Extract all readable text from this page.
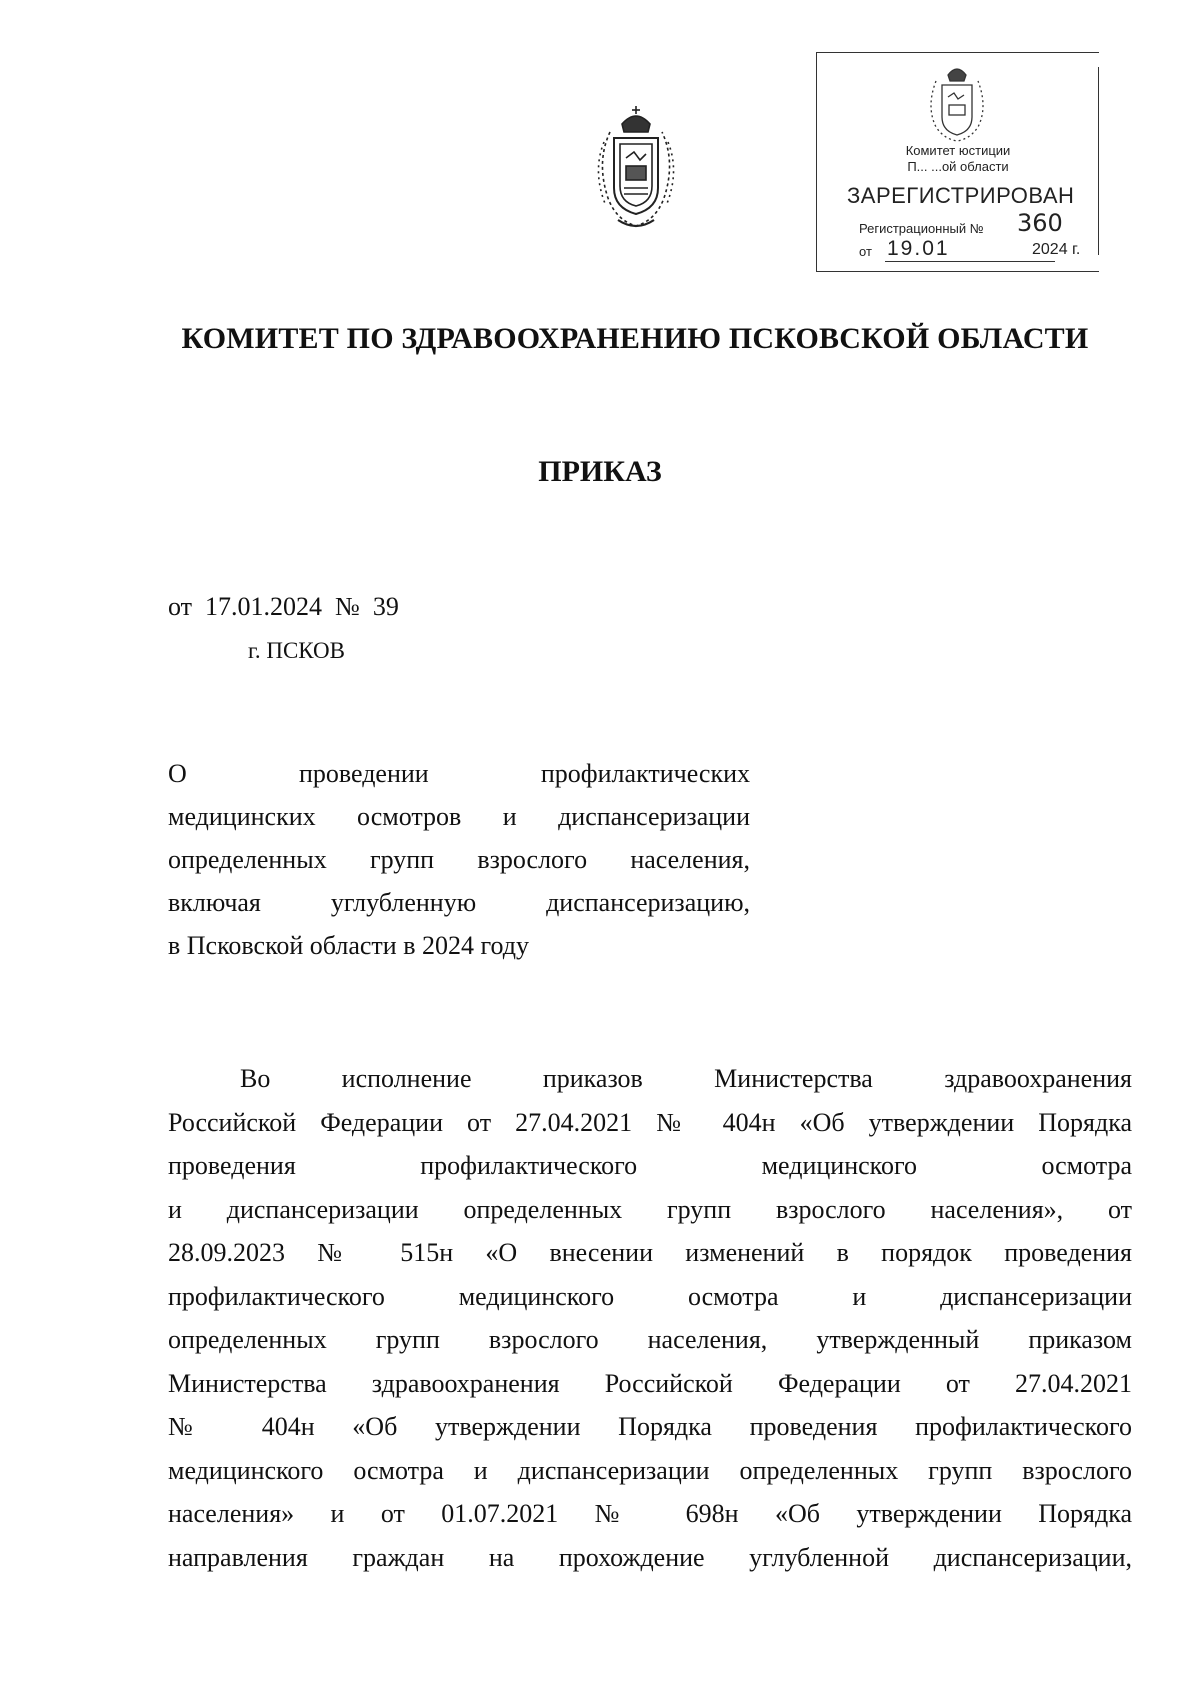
Комитет юстиции
П... ...ой области
ЗАРЕГИСТРИРОВАН
Регистрационный № 360
от 19.01	2024 г.
КОМИТЕТ ПО ЗДРАВООХРАНЕНИЮ ПСКОВСКОЙ ОБЛАСТИ
ПРИКАЗ
от  17.01.2024  №  39
г. ПСКОВ
О проведении профилактических
медицинских осмотров и диспансеризации
определенных групп взрослого населения,
включая углубленную диспансеризацию,
в Псковской области в 2024 году
Во исполнение приказов Министерства здравоохранения
Российской Федерации от 27.04.2021 № 404н «Об утверждении Порядка
проведения профилактического медицинского осмотра
и диспансеризации определенных групп взрослого населения», от
28.09.2023 № 515н «О внесении изменений в порядок проведения
профилактического медицинского осмотра и диспансеризации
определенных групп взрослого населения, утвержденный приказом
Министерства здравоохранения Российской Федерации от 27.04.2021
№ 404н «Об утверждении Порядка проведения профилактического
медицинского осмотра и диспансеризации определенных групп взрослого
населения» и от 01.07.2021 № 698н «Об утверждении Порядка
направления граждан на прохождение углубленной диспансеризации,
